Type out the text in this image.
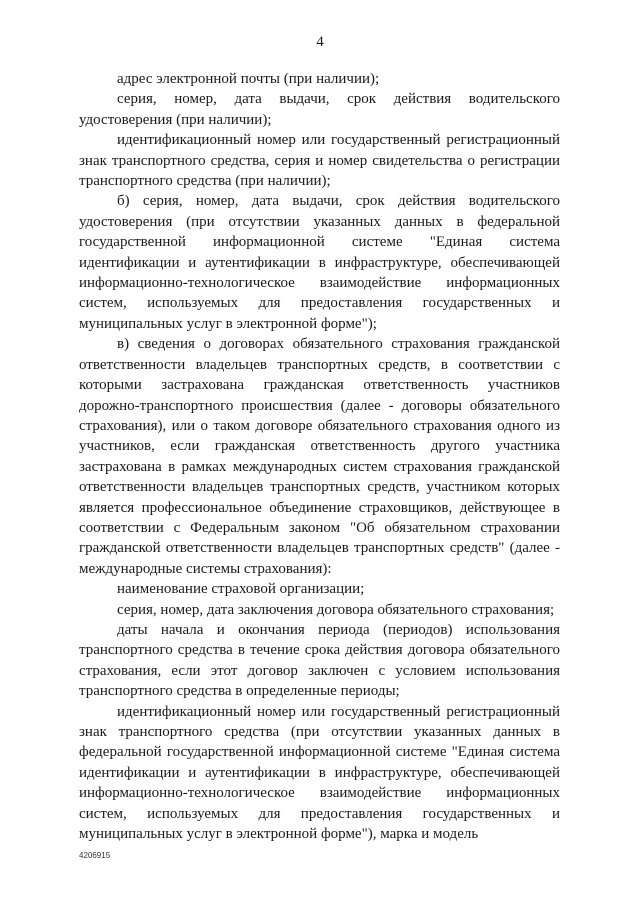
4

адрес электронной почты (при наличии);

серия, номер, дата выдачи, срок действия водительского удостоверения (при наличии);

идентификационный номер или государственный регистрационный знак транспортного средства, серия и номер свидетельства о регистрации транспортного средства (при наличии);

б) серия, номер, дата выдачи, срок действия водительского удостоверения (при отсутствии указанных данных в федеральной государственной информационной системе "Единая система идентификации и аутентификации в инфраструктуре, обеспечивающей информационно-технологическое взаимодействие информационных систем, используемых для предоставления государственных и муниципальных услуг в электронной форме");

в) сведения о договорах обязательного страхования гражданской ответственности владельцев транспортных средств, в соответствии с которыми застрахована гражданская ответственность участников дорожно-транспортного происшествия (далее - договоры обязательного страхования), или о таком договоре обязательного страхования одного из участников, если гражданская ответственность другого участника застрахована в рамках международных систем страхования гражданской ответственности владельцев транспортных средств, участником которых является профессиональное объединение страховщиков, действующее в соответствии с Федеральным законом "Об обязательном страховании гражданской ответственности владельцев транспортных средств" (далее - международные системы страхования):

наименование страховой организации;

серия, номер, дата заключения договора обязательного страхования;

даты начала и окончания периода (периодов) использования транспортного средства в течение срока действия договора обязательного страхования, если этот договор заключен с условием использования транспортного средства в определенные периоды;

идентификационный номер или государственный регистрационный знак транспортного средства (при отсутствии указанных данных в федеральной государственной информационной системе "Единая система идентификации и аутентификации в инфраструктуре, обеспечивающей информационно-технологическое взаимодействие информационных систем, используемых для предоставления государственных и муниципальных услуг в электронной форме"), марка и модель

4206915
